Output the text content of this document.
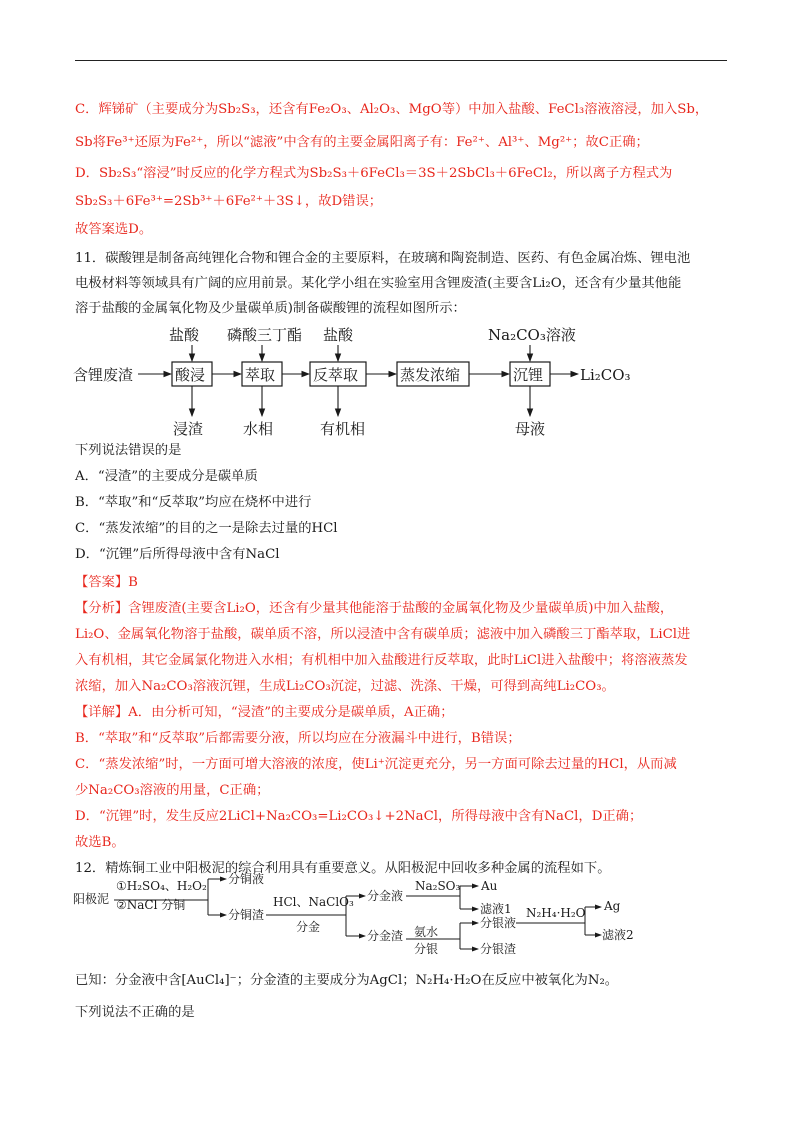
C．辉锑矿（主要成分为Sb₂S₃，还含有Fe₂O₃、Al₂O₃、MgO等）中加入盐酸、FeCl₃溶液溶浸，加入Sb，
Sb将Fe³⁺还原为Fe²⁺，所以“滤液”中含有的主要金属阳离子有：Fe²⁺、Al³⁺、Mg²⁺；故C正确；
D．Sb₂S₃“溶浸”时反应的化学方程式为Sb₂S₃＋6FeCl₃＝3S＋2SbCl₃＋6FeCl₂，所以离子方程式为
Sb₂S₃＋6Fe³⁺=2Sb³⁺＋6Fe²⁺＋3S↓，故D错误；
故答案选D。
11．碳酸锂是制备高纯锂化合物和锂合金的主要原料，在玻璃和陶瓷制造、医药、有色金属冶炼、锂电池
电极材料等领域具有广阔的应用前景。某化学小组在实验室用含锂废渣(主要含Li₂O，还含有少量其他能
溶于盐酸的金属氧化物及少量碳单质)制备碳酸锂的流程如图所示：
盐酸 磷酸三丁酯 盐酸	Na₂CO₃溶液
含锂废渣	酸浸	萃取	反萃取	蒸发浓缩	沉锂 Li₂CO₃
浸渣	水相	有机相	母液
下列说法错误的是
A．“浸渣”的主要成分是碳单质
B．“萃取”和“反萃取”均应在烧杯中进行
C．“蒸发浓缩”的目的之一是除去过量的HCl
D．“沉锂”后所得母液中含有NaCl
【答案】B
【分析】含锂废渣(主要含Li₂O，还含有少量其他能溶于盐酸的金属氧化物及少量碳单质)中加入盐酸，
Li₂O、金属氧化物溶于盐酸，碳单质不溶，所以浸渣中含有碳单质；滤液中加入磷酸三丁酯萃取，LiCl进
入有机相，其它金属氯化物进入水相；有机相中加入盐酸进行反萃取，此时LiCl进入盐酸中；将溶液蒸发
浓缩，加入Na₂CO₃溶液沉锂，生成Li₂CO₃沉淀，过滤、洗涤、干燥，可得到高纯Li₂CO₃。
【详解】A．由分析可知，“浸渣”的主要成分是碳单质，A正确；
B．“萃取”和“反萃取”后都需要分液，所以均应在分液漏斗中进行，B错误；
C．“蒸发浓缩”时，一方面可增大溶液的浓度，使Li⁺沉淀更充分，另一方面可除去过量的HCl，从而减
少Na₂CO₃溶液的用量，C正确；
D．“沉锂”时，发生反应2LiCl+Na₂CO₃=Li₂CO₃↓+2NaCl，所得母液中含有NaCl，D正确；
故选B。
12．精炼铜工业中阳极泥的综合利用具有重要意义。从阳极泥中回收多种金属的流程如下。
阳极泥
①H₂SO₄、H₂O₂
②NaCl 分铜
分铜液
分铜渣
HCl、NaClO₃
分金
分金液
分金渣
Na₂SO₃ Au
滤液1
分银液
氨水
分银	分银渣
N₂H₄·H₂O Ag
滤液2
已知：分金液中含[AuCl₄]⁻；分金渣的主要成分为AgCl；N₂H₄·H₂O在反应中被氧化为N₂。
下列说法不正确的是
